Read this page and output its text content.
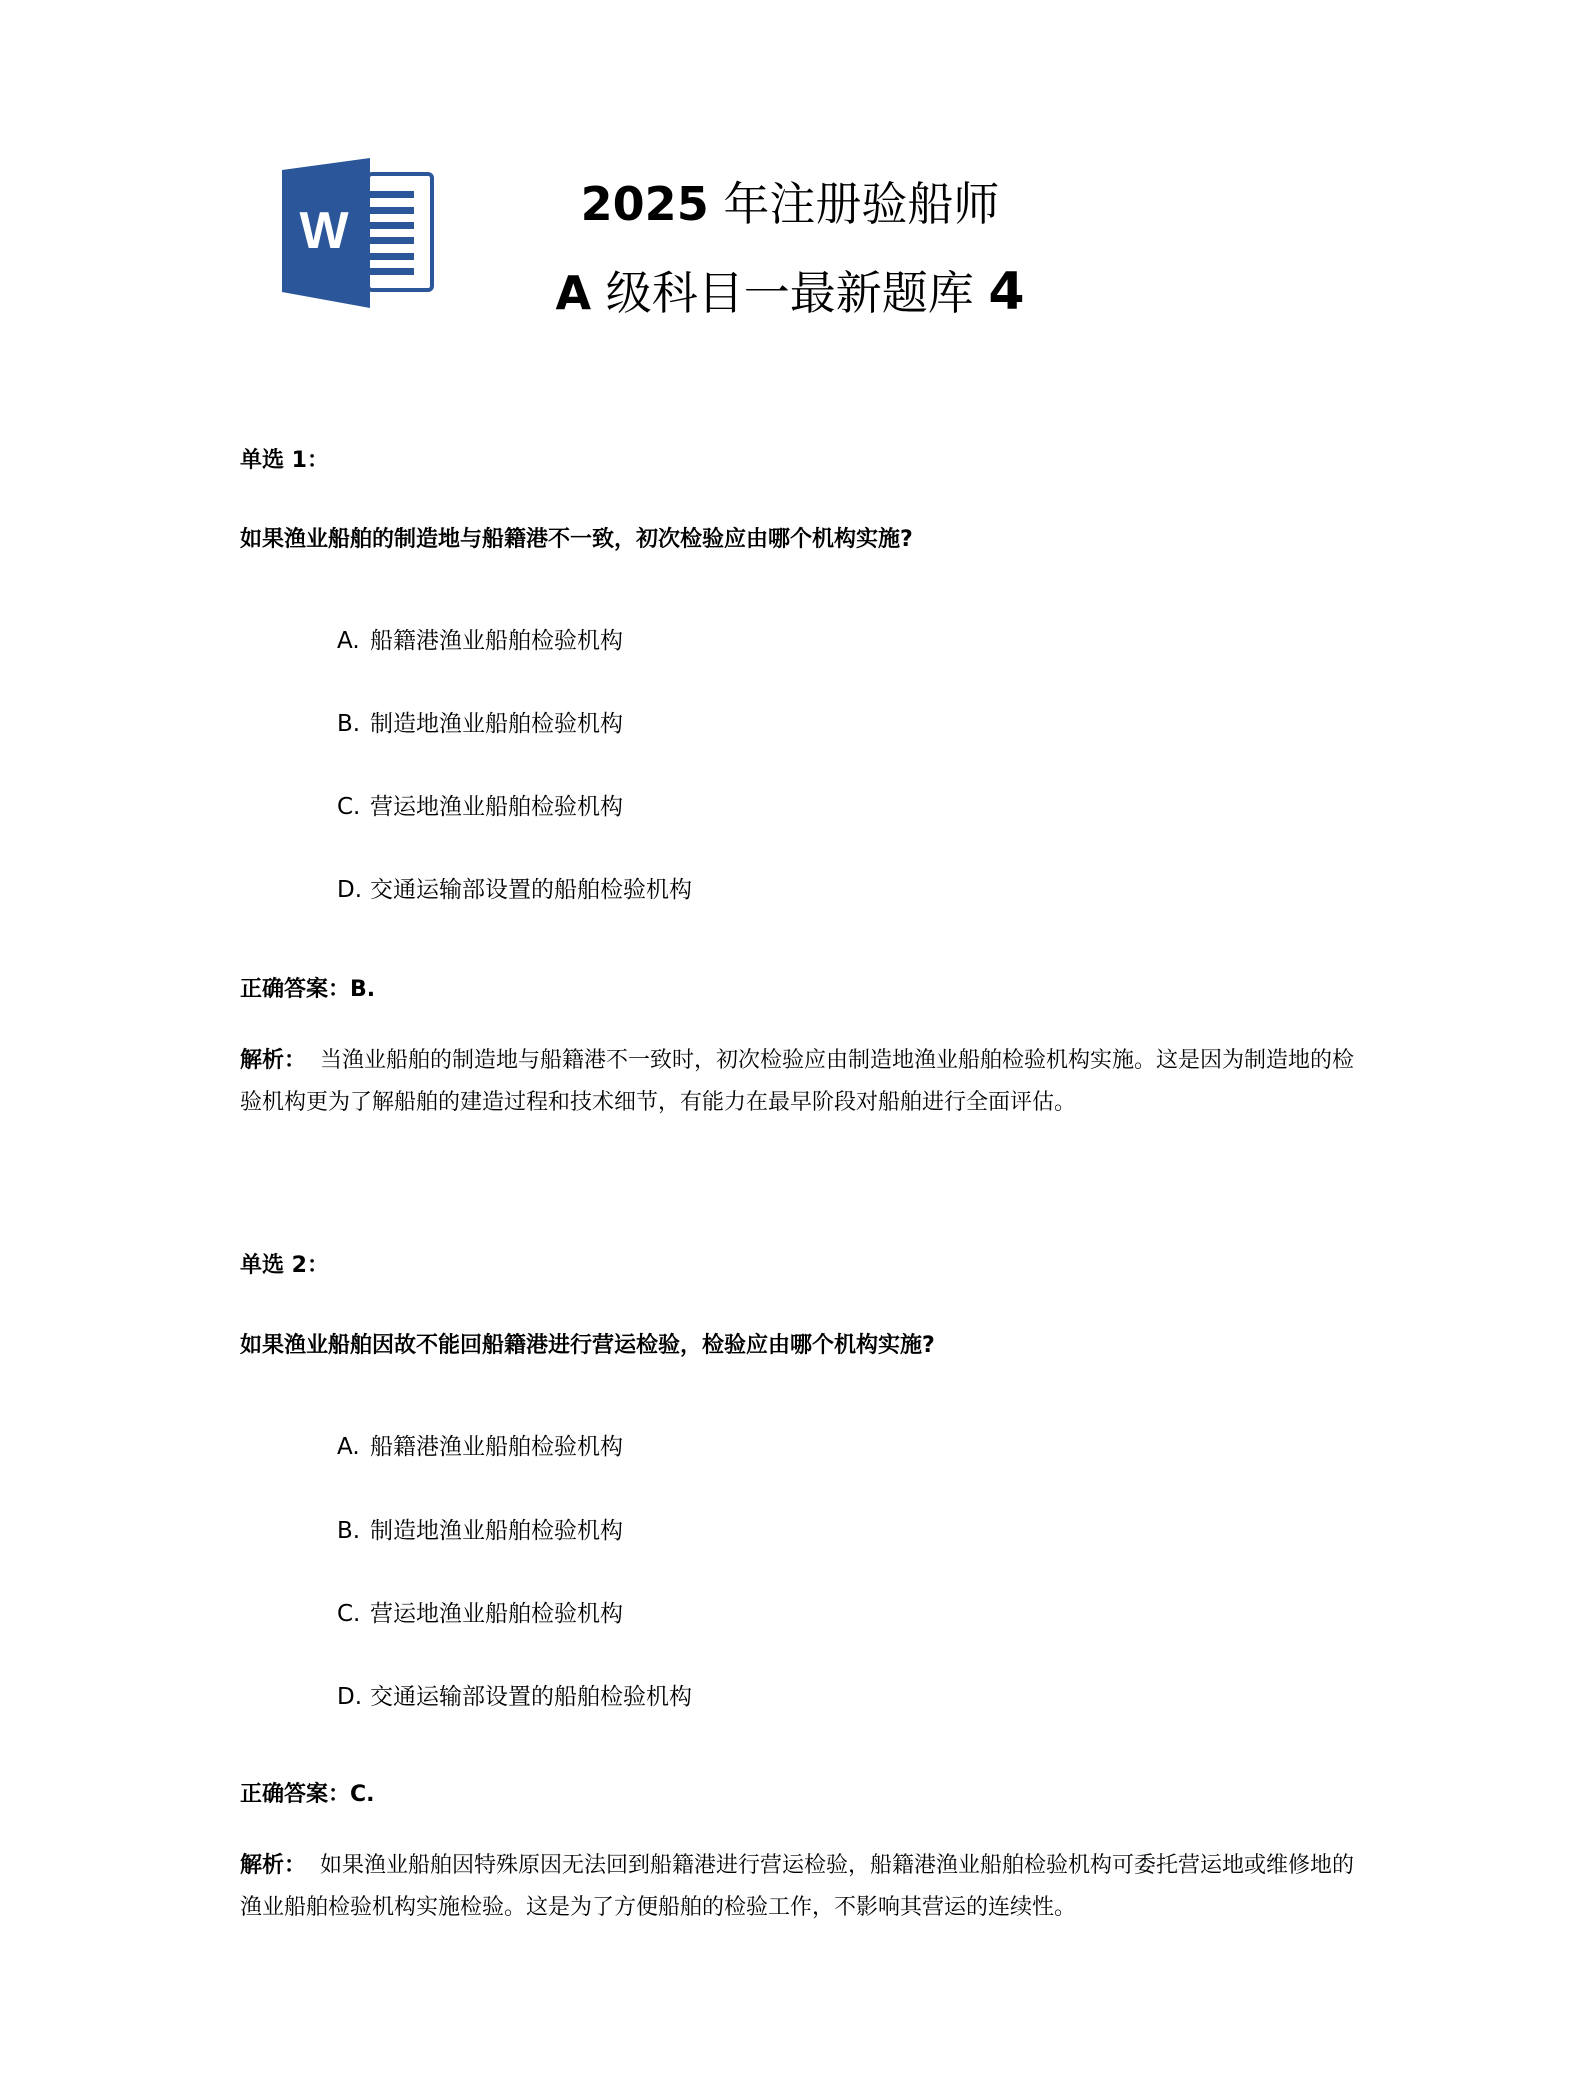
W	2025 年注册验船师
A 级科目一最新题库 4
单选 1：
如果渔业船舶的制造地与船籍港不一致，初次检验应由哪个机构实施?
A. 船籍港渔业船舶检验机构
B. 制造地渔业船舶检验机构
C. 营运地渔业船舶检验机构
D. 交通运输部设置的船舶检验机构
正确答案：B.
解析： 当渔业船舶的制造地与船籍港不一致时，初次检验应由制造地渔业船舶检验机构实施。这是因为制造地的检验机构更为了解船舶的建造过程和技术细节，有能力在最早阶段对船舶进行全面评估。
单选 2：
如果渔业船舶因故不能回船籍港进行营运检验，检验应由哪个机构实施?
A. 船籍港渔业船舶检验机构
B. 制造地渔业船舶检验机构
C. 营运地渔业船舶检验机构
D. 交通运输部设置的船舶检验机构
正确答案：C.
解析： 如果渔业船舶因特殊原因无法回到船籍港进行营运检验，船籍港渔业船舶检验机构可委托营运地或维修地的渔业船舶检验机构实施检验。这是为了方便船舶的检验工作，不影响其营运的连续性。
